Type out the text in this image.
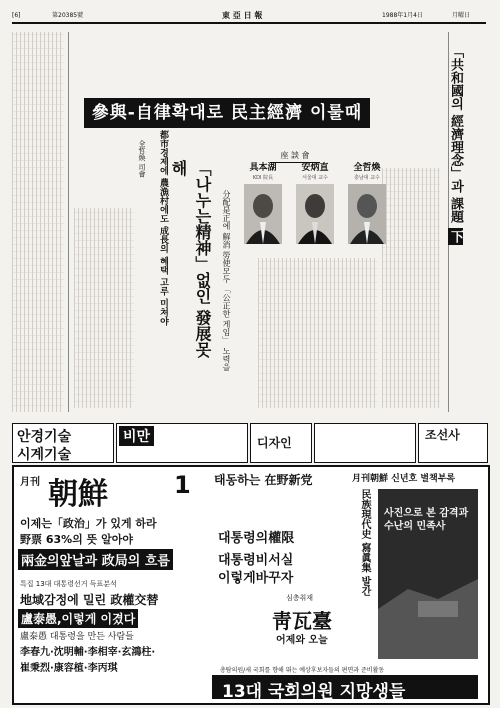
[6]	第20385號	東 亞 日 報	1988年1月4日	月曜日
參與-自律확대로 民主經濟 이룰때	「共和國의 經濟理念」과 課題 下
「나누는精神」없인 發展못해
分配是正에 解消 勞使모두 「公正한 게임」 노력을
都市경제에 農漁村에도 成長의 혜택 고루 미쳐야
全哲煥 司會	座 談 會
具本湖
KDI 院長
安炳直
서울대 교수
全哲煥
충남대 교수
안경기술
시계기술
비만	디자인
조선사
月刊 朝鮮	1
이제는「政治」가 있게 하라
野票 63%의 뜻 알아야
兩金의앞날과 政局의 흐름
특집 13대 대통령선거 득표분석
地域감정에 밀린 政權交替
盧泰愚,이렇게 이겼다
盧泰愚 대통령을 만든 사람들
李春九·沈明輔·李相宰·玄鴻柱·
崔秉烈·康容植·李丙琪
태동하는 在野新党
대통령의權限
대통령비서실
이렇게바꾸자
심층취재
靑瓦臺
어제와 오늘
月刊朝鮮 신년호 별책부록
民族現代史 寫眞集 발간 사진으로 본 감격과 수난의 민족사
총탐의원/새 국회를 향해 뛰는 예상후보자들의 편면과 준비활동
13대 국회의원 지망생들
